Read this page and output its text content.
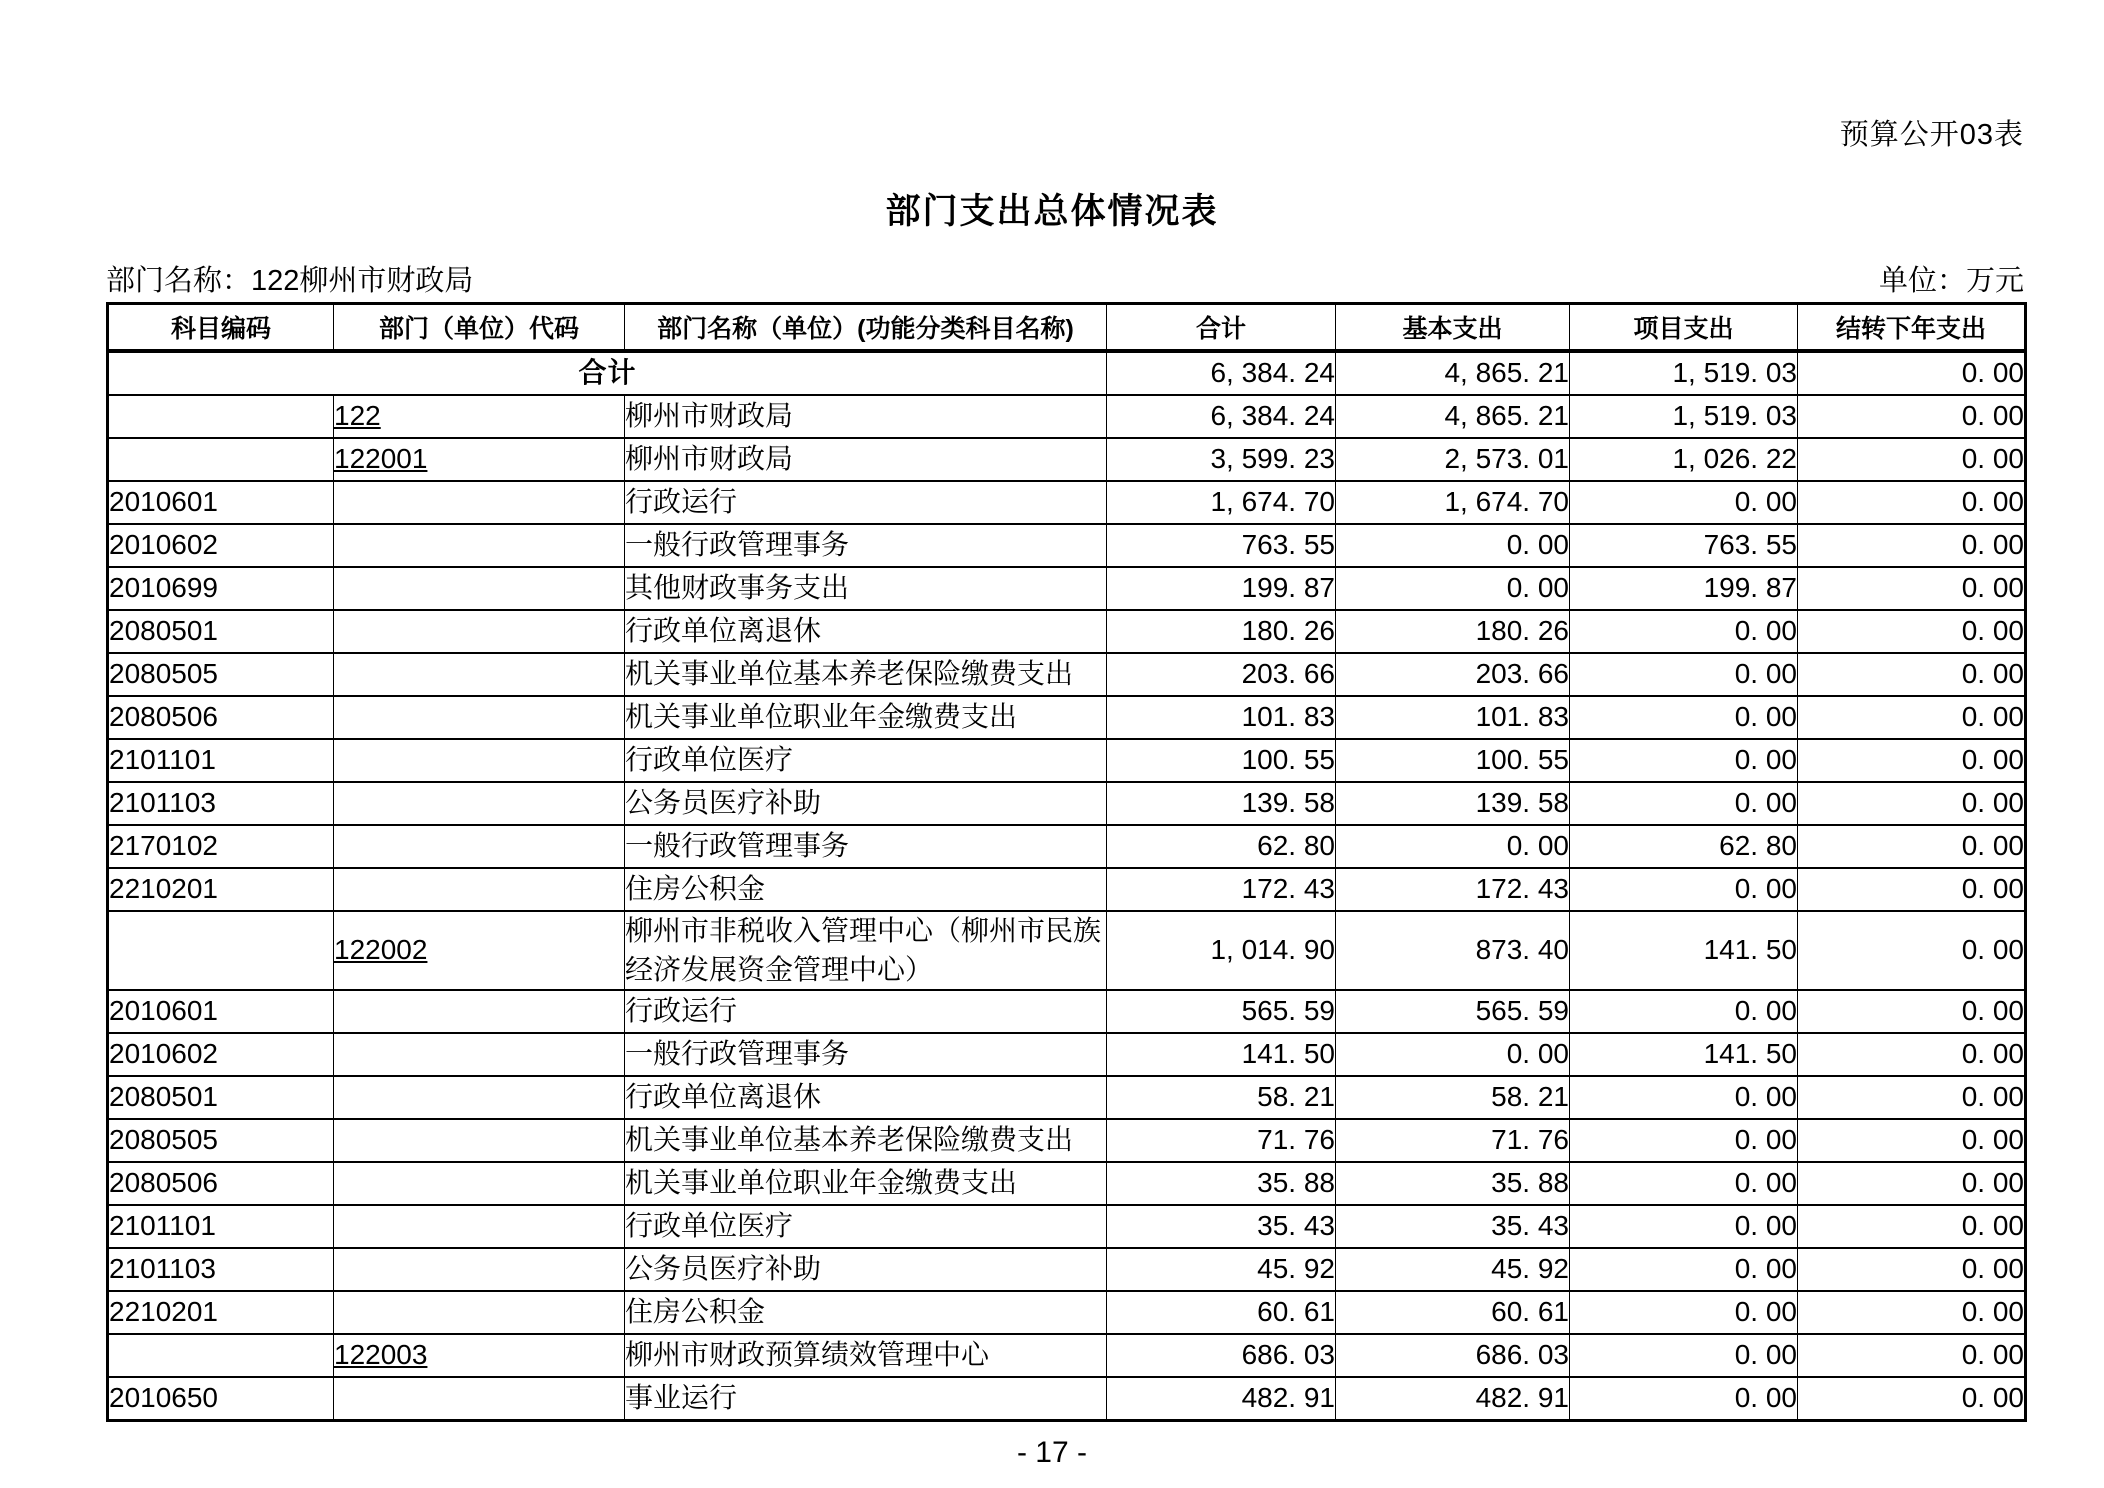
预算公开03表
部门支出总体情况表
部门名称：122柳州市财政局	单位：万元
科目编码	部门（单位）代码	部门名称（单位）(功能分类科目名称)	合计	基本支出	项目支出	结转下年支出
合计			6, 384. 24	4, 865. 21	1, 519. 03	0. 00
	122	柳州市财政局	6, 384. 24	4, 865. 21	1, 519. 03	0. 00
	122001	柳州市财政局	3, 599. 23	2, 573. 01	1, 026. 22	0. 00
2010601		行政运行	1, 674. 70	1, 674. 70	0. 00	0. 00
2010602		一般行政管理事务	763. 55	0. 00	763. 55	0. 00
2010699		其他财政事务支出	199. 87	0. 00	199. 87	0. 00
2080501		行政单位离退休	180. 26	180. 26	0. 00	0. 00
2080505		机关事业单位基本养老保险缴费支出	203. 66	203. 66	0. 00	0. 00
2080506		机关事业单位职业年金缴费支出	101. 83	101. 83	0. 00	0. 00
2101101		行政单位医疗	100. 55	100. 55	0. 00	0. 00
2101103		公务员医疗补助	139. 58	139. 58	0. 00	0. 00
2170102		一般行政管理事务	62. 80	0. 00	62. 80	0. 00
2210201		住房公积金	172. 43	172. 43	0. 00	0. 00
	122002	柳州市非税收入管理中心（柳州市民族经济发展资金管理中心）	1, 014. 90	873. 40	141. 50	0. 00
2010601		行政运行	565. 59	565. 59	0. 00	0. 00
2010602		一般行政管理事务	141. 50	0. 00	141. 50	0. 00
2080501		行政单位离退休	58. 21	58. 21	0. 00	0. 00
2080505		机关事业单位基本养老保险缴费支出	71. 76	71. 76	0. 00	0. 00
2080506		机关事业单位职业年金缴费支出	35. 88	35. 88	0. 00	0. 00
2101101		行政单位医疗	35. 43	35. 43	0. 00	0. 00
2101103		公务员医疗补助	45. 92	45. 92	0. 00	0. 00
2210201		住房公积金	60. 61	60. 61	0. 00	0. 00
	122003	柳州市财政预算绩效管理中心	686. 03	686. 03	0. 00	0. 00
2010650		事业运行	482. 91	482. 91	0. 00	0. 00
- 17 -
